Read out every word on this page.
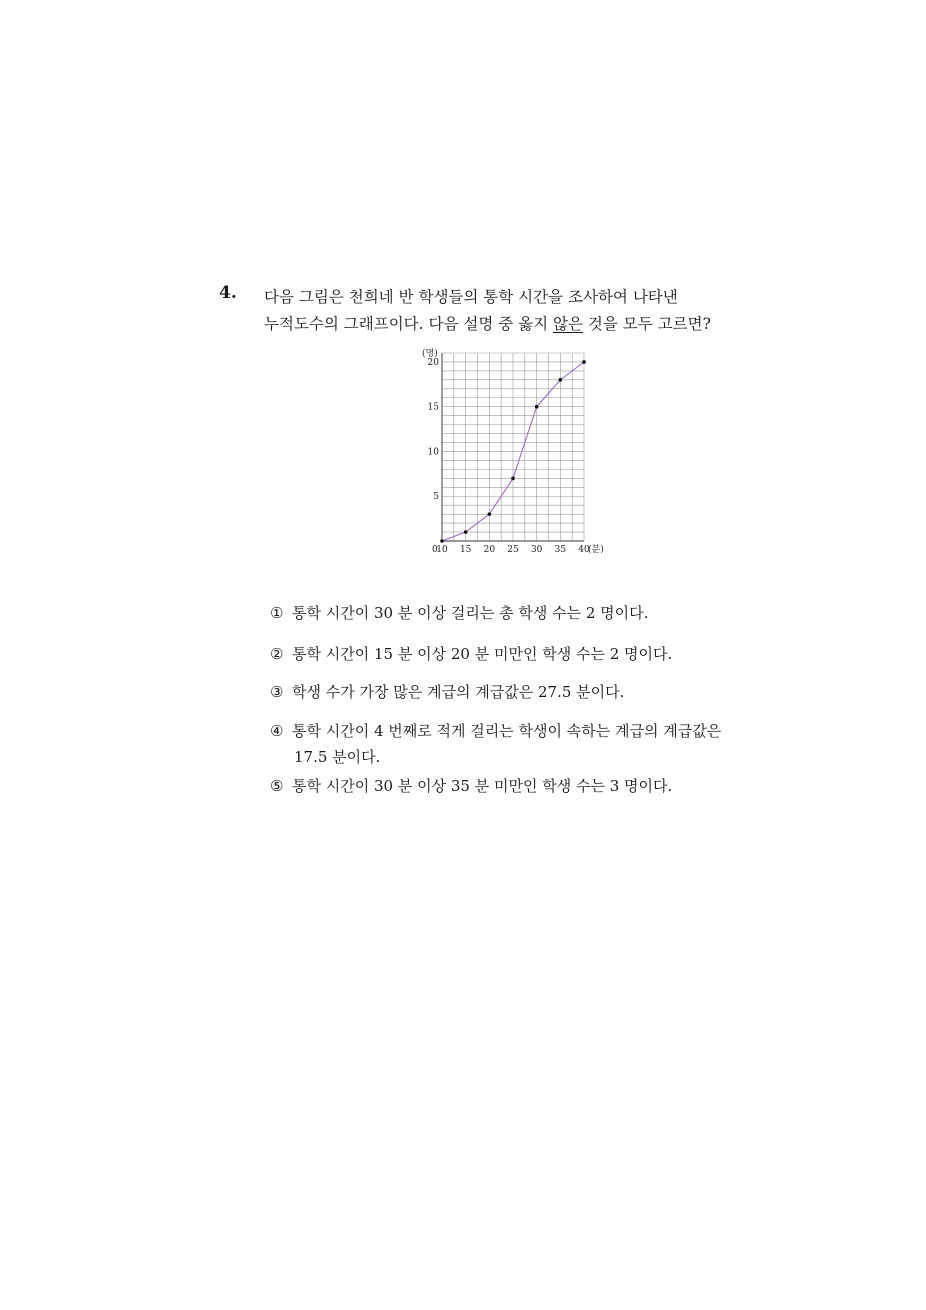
4. 다음 그림은 천희네 반 학생들의 통학 시간을 조사하여 나타낸
누적도수의 그래프이다. 다음 설명 중 옳지 않은 것을 모두 고르면?
(명)
(분)
0
10 15 20 25 30 35 40
5
10
15
20
① 통학 시간이 30 분 이상 걸리는 총 학생 수는 2 명이다.
② 통학 시간이 15 분 이상 20 분 미만인 학생 수는 2 명이다.
③ 학생 수가 가장 많은 계급의 계급값은 27.5 분이다.
④ 통학 시간이 4 번째로 적게 걸리는 학생이 속하는 계급의 계급값은
17.5 분이다.
⑤ 통학 시간이 30 분 이상 35 분 미만인 학생 수는 3 명이다.
